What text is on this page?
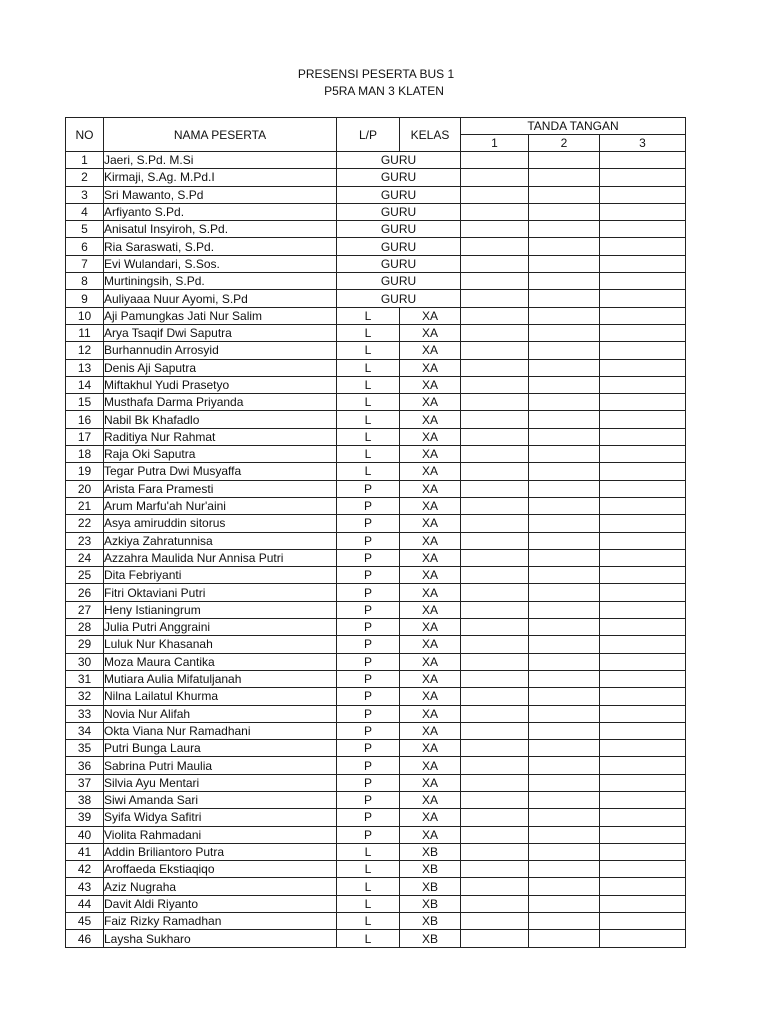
PRESENSI PESERTA BUS 1
P5RA MAN 3 KLATEN
NO	NAMA PESERTA	L/P	KELAS	TANDA TANGAN		
				1	2	3
1	Jaeri, S.Pd. M.Si	GURU				
2	Kirmaji, S.Ag. M.Pd.I	GURU				
3	Sri Mawanto, S.Pd	GURU				
4	Arfiyanto S.Pd.	GURU				
5	Anisatul Insyiroh, S.Pd.	GURU				
6	Ria Saraswati, S.Pd.	GURU				
7	Evi Wulandari, S.Sos.	GURU				
8	Murtiningsih, S.Pd.	GURU				
9	Auliyaaa Nuur Ayomi, S.Pd	GURU				
10	Aji Pamungkas Jati Nur Salim	L	XA			
11	Arya Tsaqif Dwi Saputra	L	XA			
12	Burhannudin Arrosyid	L	XA			
13	Denis Aji Saputra	L	XA			
14	Miftakhul Yudi Prasetyo	L	XA			
15	Musthafa Darma Priyanda	L	XA			
16	Nabil Bk Khafadlo	L	XA			
17	Raditiya Nur Rahmat	L	XA			
18	Raja Oki Saputra	L	XA			
19	Tegar Putra Dwi Musyaffa	L	XA			
20	Arista Fara Pramesti	P	XA			
21	Arum Marfu'ah Nur'aini	P	XA			
22	Asya amiruddin sitorus	P	XA			
23	Azkiya Zahratunnisa	P	XA			
24	Azzahra Maulida Nur Annisa Putri	P	XA			
25	Dita Febriyanti	P	XA			
26	Fitri Oktaviani Putri	P	XA			
27	Heny Istianingrum	P	XA			
28	Julia Putri Anggraini	P	XA			
29	Luluk Nur Khasanah	P	XA			
30	Moza Maura Cantika	P	XA			
31	Mutiara Aulia Mifatuljanah	P	XA			
32	Nilna Lailatul Khurma	P	XA			
33	Novia Nur Alifah	P	XA			
34	Okta Viana Nur Ramadhani	P	XA			
35	Putri Bunga Laura	P	XA			
36	Sabrina Putri Maulia	P	XA			
37	Silvia Ayu Mentari	P	XA			
38	Siwi Amanda Sari	P	XA			
39	Syifa Widya Safitri	P	XA			
40	Violita Rahmadani	P	XA			
41	Addin Briliantoro Putra	L	XB			
42	Aroffaeda Ekstiaqiqo	L	XB			
43	Aziz Nugraha	L	XB			
44	Davit Aldi Riyanto	L	XB			
45	Faiz Rizky Ramadhan	L	XB			
46	Laysha Sukharo	L	XB			
